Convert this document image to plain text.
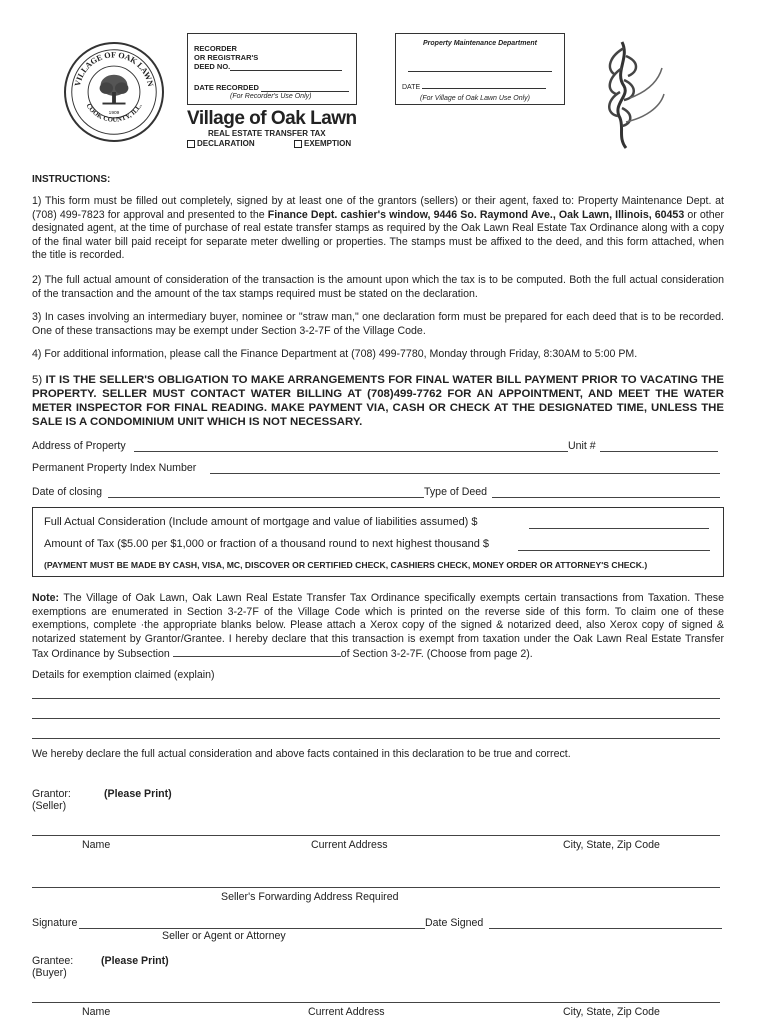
VILLAGE OF OAK LAWN
COOK COUNTY, ILL.
1909
RECORDER
OR REGISTRAR'S
DEED NO.
DATE RECORDED
(For Recorder's Use Only)
Property Maintenance Department
DATE
(For Village of Oak Lawn Use Only)
Village of Oak Lawn
REAL ESTATE TRANSFER TAX
DECLARATION	EXEMPTION
INSTRUCTIONS:
1) This form must be filled out completely, signed by at least one of the grantors (sellers) or their agent, faxed to: Property Maintenance Dept. at (708) 499-7823 for approval and presented to the Finance Dept. cashier's window, 9446 So. Raymond Ave., Oak Lawn, Illinois, 60453 or other designated agent, at the time of purchase of real estate transfer stamps as required by the Oak Lawn Real Estate Tax Ordinance along with a copy of the final water bill paid receipt for separate meter dwelling or properties. The stamps must be affixed to the deed, and this form attached, when the title is recorded.
2) The full actual amount of consideration of the transaction is the amount upon which the tax is to be computed. Both the full actual consideration of the transaction and the amount of the tax stamps required must be stated on the declaration.
3) In cases involving an intermediary buyer, nominee or "straw man," one declaration form must be prepared for each deed that is to be recorded. One of these transactions may be exempt under Section 3-2-7F of the Village Code.
4) For additional information, please call the Finance Department at (708) 499-7780, Monday through Friday, 8:30AM to 5:00 PM.
5) IT IS THE SELLER'S OBLIGATION TO MAKE ARRANGEMENTS FOR FINAL WATER BILL PAYMENT PRIOR TO VACATING THE PROPERTY. SELLER MUST CONTACT WATER BILLING AT (708)499-7762 FOR AN APPOINTMENT, AND MEET THE WATER METER INSPECTOR FOR FINAL READING. MAKE PAYMENT VIA, CASH OR CHECK AT THE DESIGNATED TIME, UNLESS THE SALE IS A CONDOMINIUM UNIT WHICH IS NOT NECESSARY.
Address of Property	Unit #
Permanent Property Index Number
Date of closing	Type of Deed
Full Actual Consideration (Include amount of mortgage and value of liabilities assumed) $
Amount of Tax ($5.00 per $1,000 or fraction of a thousand round to next highest thousand $
(PAYMENT MUST BE MADE BY CASH, VISA, MC, DISCOVER OR CERTIFIED CHECK, CASHIERS CHECK, MONEY ORDER OR ATTORNEY'S CHECK.)
Note: The Village of Oak Lawn, Oak Lawn Real Estate Transfer Tax Ordinance specifically exempts certain transactions from Taxation. These exemptions are enumerated in Section 3-2-7F of the Village Code which is printed on the reverse side of this form. To claim one of these exemptions, complete ·the appropriate blanks below. Please attach a Xerox copy of the signed & notarized deed, also Xerox copy of signed & notarized statement by Grantor/Grantee. I hereby declare that this transaction is exempt from taxation under the Oak Lawn Real Estate Transfer Tax Ordinance by Subsection	of Section 3-2-7F. (Choose from page 2).
Details for exemption claimed (explain)
We hereby declare the full actual consideration and above facts contained in this declaration to be true and correct.
Grantor:	(Please Print)
(Seller)
Name	Current Address	City, State, Zip Code
Seller's Forwarding Address Required
Signature	Date Signed
Seller or Agent or Attorney
Grantee:	(Please Print)
(Buyer)
Name	Current Address	City, State, Zip Code
